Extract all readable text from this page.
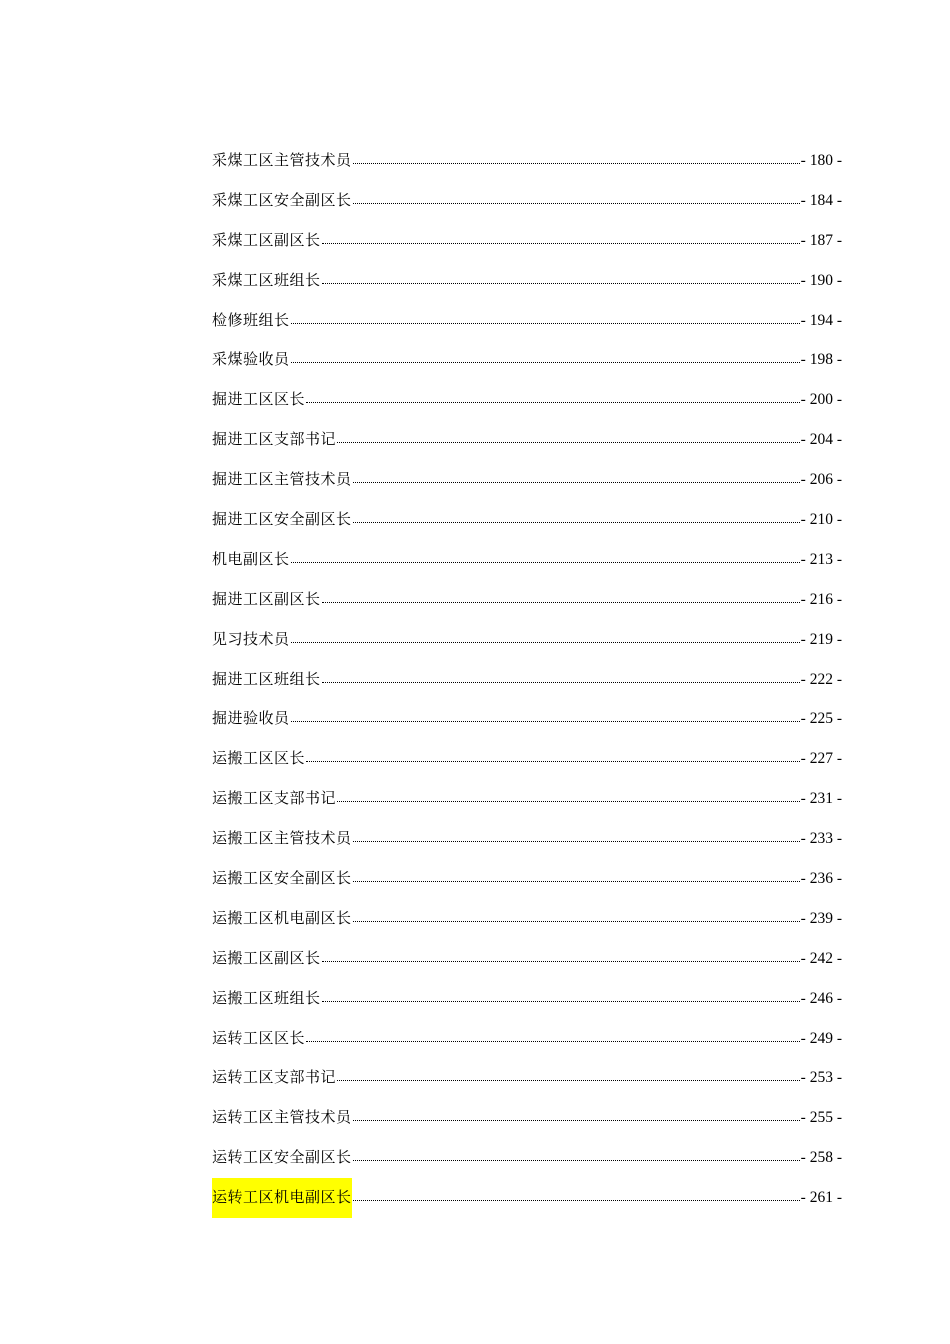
采煤工区主管技术员	- 180 -
采煤工区安全副区长	- 184 -
采煤工区副区长	- 187 -
采煤工区班组长	- 190 -
检修班组长	- 194 -
采煤验收员	- 198 -
掘进工区区长	- 200 -
掘进工区支部书记	- 204 -
掘进工区主管技术员	- 206 -
掘进工区安全副区长	- 210 -
机电副区长	- 213 -
掘进工区副区长	- 216 -
见习技术员	- 219 -
掘进工区班组长	- 222 -
掘进验收员	- 225 -
运搬工区区长	- 227 -
运搬工区支部书记	- 231 -
运搬工区主管技术员	- 233 -
运搬工区安全副区长	- 236 -
运搬工区机电副区长	- 239 -
运搬工区副区长	- 242 -
运搬工区班组长	- 246 -
运转工区区长	- 249 -
运转工区支部书记	- 253 -
运转工区主管技术员	- 255 -
运转工区安全副区长	- 258 -
运转工区机电副区长	- 261 -
